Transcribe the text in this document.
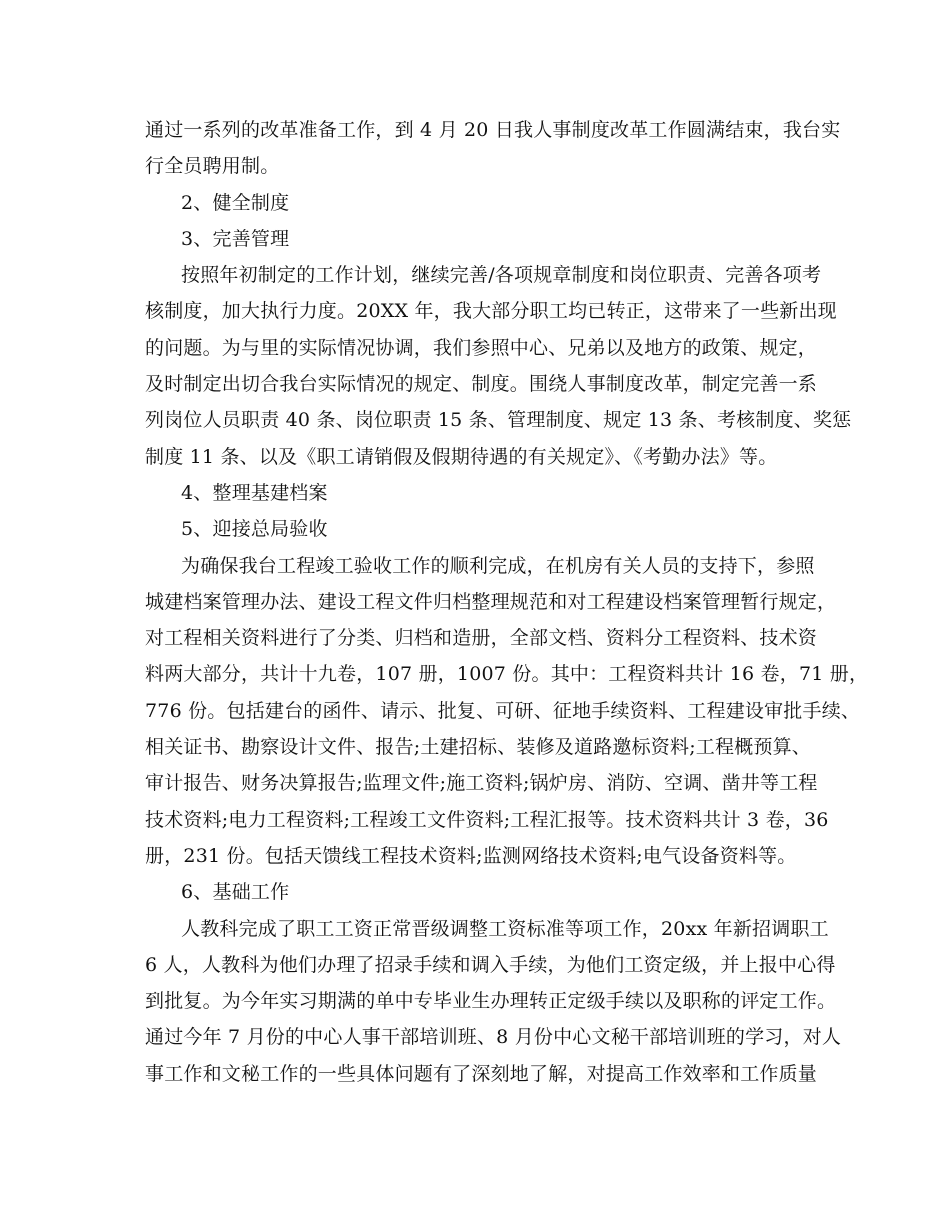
通过一系列的改革准备工作，到 4 月 20 日我人事制度改革工作圆满结束，我台实
行全员聘用制。
2、健全制度
3、完善管理
按照年初制定的工作计划，继续完善/各项规章制度和岗位职责、完善各项考
核制度，加大执行力度。20XX 年，我大部分职工均已转正，这带来了一些新出现
的问题。为与里的实际情况协调，我们参照中心、兄弟以及地方的政策、规定，
及时制定出切合我台实际情况的规定、制度。围绕人事制度改革，制定完善一系
列岗位人员职责 40 条、岗位职责 15 条、管理制度、规定 13 条、考核制度、奖惩
制度 11 条、以及《职工请销假及假期待遇的有关规定》、《考勤办法》等。
4、整理基建档案
5、迎接总局验收
为确保我台工程竣工验收工作的顺利完成，在机房有关人员的支持下，参照
城建档案管理办法、建设工程文件归档整理规范和对工程建设档案管理暂行规定，
对工程相关资料进行了分类、归档和造册，全部文档、资料分工程资料、技术资
料两大部分，共计十九卷，107 册，1007 份。其中：工程资料共计 16 卷，71 册，
776 份。包括建台的函件、请示、批复、可研、征地手续资料、工程建设审批手续、
相关证书、勘察设计文件、报告;土建招标、装修及道路邀标资料;工程概预算、
审计报告、财务决算报告;监理文件;施工资料;锅炉房、消防、空调、凿井等工程
技术资料;电力工程资料;工程竣工文件资料;工程汇报等。技术资料共计 3 卷，36
册，231 份。包括天馈线工程技术资料;监测网络技术资料;电气设备资料等。
6、基础工作
人教科完成了职工工资正常晋级调整工资标准等项工作，20xx 年新招调职工
6 人，人教科为他们办理了招录手续和调入手续，为他们工资定级，并上报中心得
到批复。为今年实习期满的单中专毕业生办理转正定级手续以及职称的评定工作。
通过今年 7 月份的中心人事干部培训班、8 月份中心文秘干部培训班的学习，对人
事工作和文秘工作的一些具体问题有了深刻地了解，对提高工作效率和工作质量
